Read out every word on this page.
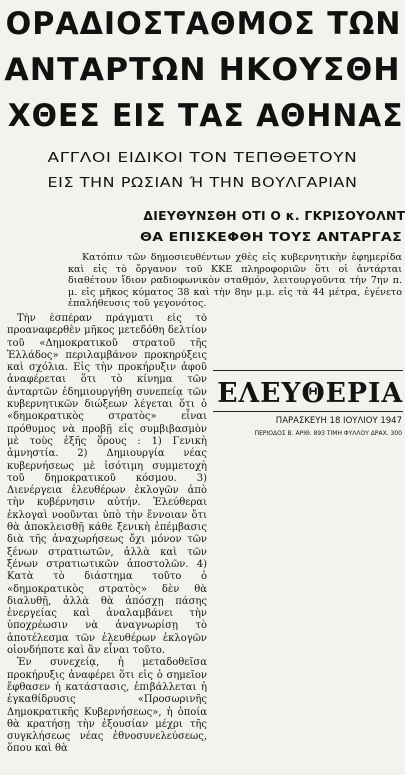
ΟΡΑΔΙΟΣΤΑΘΜΟΣ ΤΩΝ
ΑΝΤΑΡΤΩΝ ΗΚΟΥΣΘΗ
ΧΘΕΣ ΕΙΣ ΤΑΣ ΑΘΗΝΑΣ
ΑΓΓΛΟΙ ΕΙΔΙΚΟΙ ΤΟΝ ΤΕΠΘΘΕΤΟΥΝ
ΕΙΣ ΤΗΝ ΡΩΣΙΑΝ Ή ΤΗΝ ΒΟΥΛΓΑΡΙΑΝ
ΔΙΕΥΘΥΝΣΘΗ ΟΤΙ Ο κ. ΓΚΡΙΣΟΥΟΛΝΤ
ΘΑ ΕΠΙΣΚΕΦΘΗ ΤΟΥΣ ΑΝΤΑΡΓΑΣ

Κατόπιν τῶν δημοσιευθέντων χθὲς εἰς κυβερνητικὴν ἐφημερίδα καὶ εἰς τὸ ὄργανον τοῦ ΚΚΕ πληροφοριῶν ὅτι οἱ ἀντάρται διαθέτουν ἴδιον ραδιοφωνικὸν σταθμόν, λειτουργοῦντα τὴν 7ην π. μ. εἰς μῆκος κύματος 38 καὶ τὴν 8ην μ.μ. εἰς τὰ 44 μέτρα, ἐγένετο ἐπαλήθευσις τοῦ γεγονότος.

Τὴν ἑσπέραν πράγματι εἰς τὸ προαναφερθὲν μῆκος μετεδόθη δελτίον τοῦ «Δημοκρατικοῦ στρατοῦ τῆς Ἑλλάδος» περιλαμβάνον προκηρύξεις καὶ σχόλια. Εἰς τὴν προκήρυξιν ἀφοῦ ἀναφέρεται ὅτι τὸ κίνημα τῶν ἀνταρτῶν ἐδημιουργήθη συνεπείᾳ τῶν κυβερνητικῶν διώξεων λέγεται ὅτι ὁ «δημοκρατικὸς στρατὸς» εἶναι πρόθυμος νὰ προβῇ εἰς συμβιβασμὸν μὲ τοὺς ἑξῆς ὅρους : 1) Γενικὴ ἀμνηστία. 2) Δημιουργία νέας κυβερνήσεως μὲ ἰσότιμη συμμετοχὴ τοῦ δημοκρατικοῦ κόσμου. 3) Διενέργεια ἐλευθέρων ἐκλογῶν ἀπὸ τὴν κυβέρνησιν αὐτήν. Ἐλεύθεραι ἐκλογαὶ νοοῦνται ὑπὸ τὴν ἔννοιαν ὅτι θὰ ἀποκλεισθῇ κάθε ξενικὴ ἐπέμβασις διὰ τῆς ἀναχωρήσεως ὄχι μόνον τῶν ξένων στρατιωτῶν, ἀλλὰ καὶ τῶν ξένων στρατιωτικῶν ἀποστολῶν. 4) Κατὰ τὸ διάστημα τοῦτο ὁ «δημοκρατικὸς στρατὸς» δὲν θὰ διαλυθῇ, ἀλλὰ θὰ ἀπόσχῃ πάσης ἐνεργείας καὶ ἀναλαμβάνει τὴν ὑποχρέωσιν νὰ ἀναγνωρίσῃ τὸ ἀποτέλεσμα τῶν ἐλευθέρων ἐκλογῶν οἱονδήποτε καὶ ἂν εἶναι τοῦτο.

Ἐν συνεχείᾳ, ἡ μεταδοθεῖσα προκήρυξις ἀναφέρει ὅτι εἰς ὁ σημεῖον ἔφθασεν ἡ κατάστασις, ἐπιβάλλεται ἡ ἐγκαθίδρυσις «Προσωρινῆς Δημοκρατικῆς Κυβερνήσεως», ἡ ὁποία θὰ κρατήσῃ τὴν ἐξουσίαν μέχρι τῆς συγκλήσεως νέας ἐθνοσυνελεύσεως, ὅπου καὶ θὰ

ΕΛΕΥΘΕΡΙΑ
ΠΑΡΑΣΚΕΥΗ 18 ΙΟΥΛΙΟΥ 1947
ΠΕΡΙΟΔΟΣ Β. ΑΡΙΘ. 893 ΤΙΜΗ ΦΥΛΛΟΥ ΔΡΑΧ. 300
